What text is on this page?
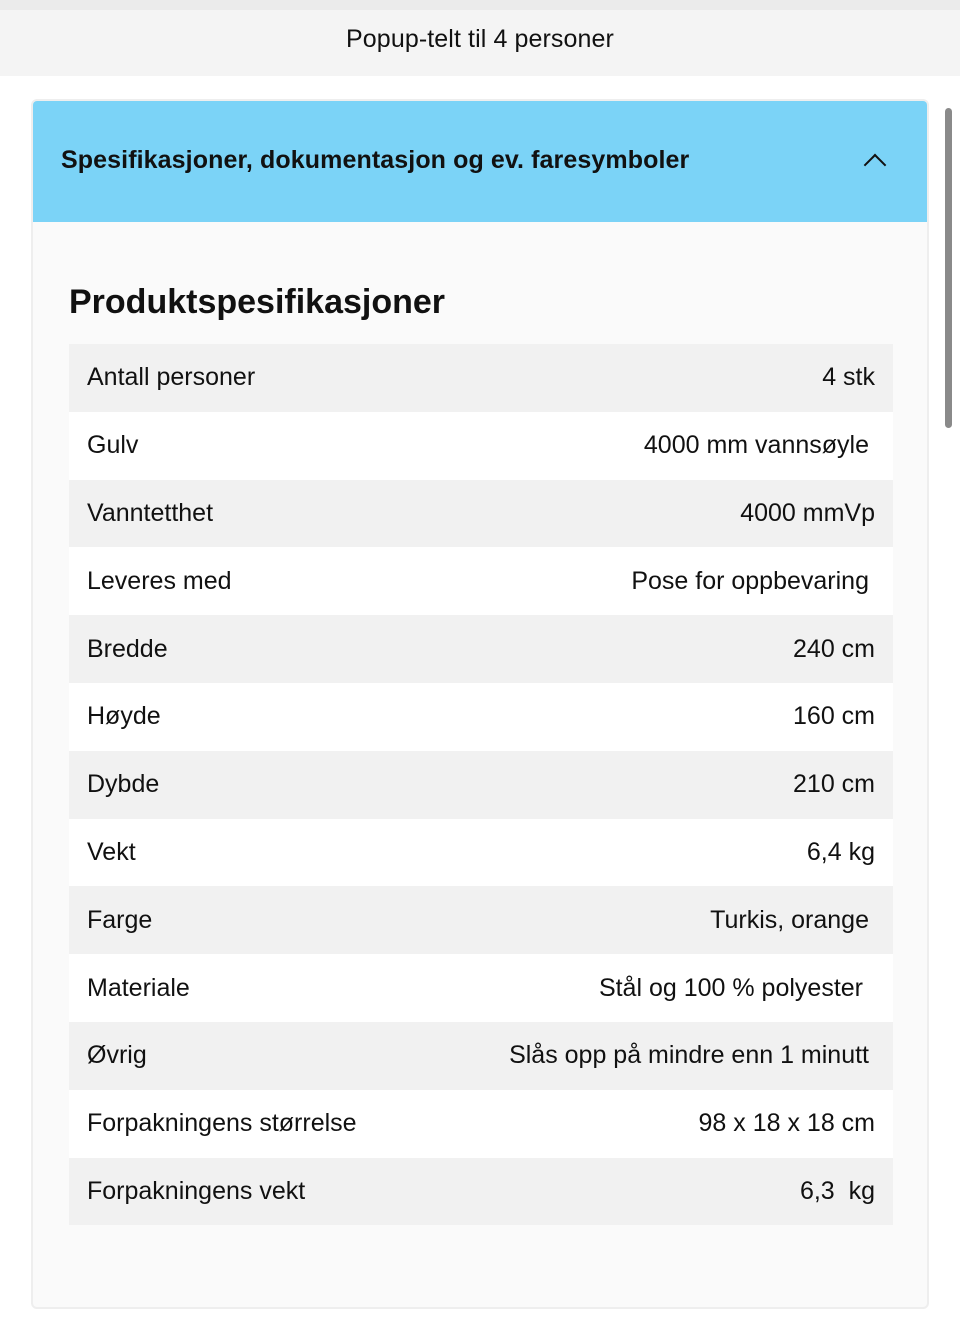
Popup-telt til 4 personer
Spesifikasjoner, dokumentasjon og ev. faresymboler
Produktspesifikasjoner
Antall personer	4 stk
Gulv	4000 mm vannsøyle
Vanntetthet	4000 mmVp
Leveres med	Pose for oppbevaring
Bredde	240 cm
Høyde	160 cm
Dybde	210 cm
Vekt	6,4 kg
Farge	Turkis, orange
Materiale	Stål og 100 % polyester
Øvrig	Slås opp på mindre enn 1 minutt
Forpakningens størrelse	98 x 18 x 18 cm
Forpakningens vekt	6,3  kg
